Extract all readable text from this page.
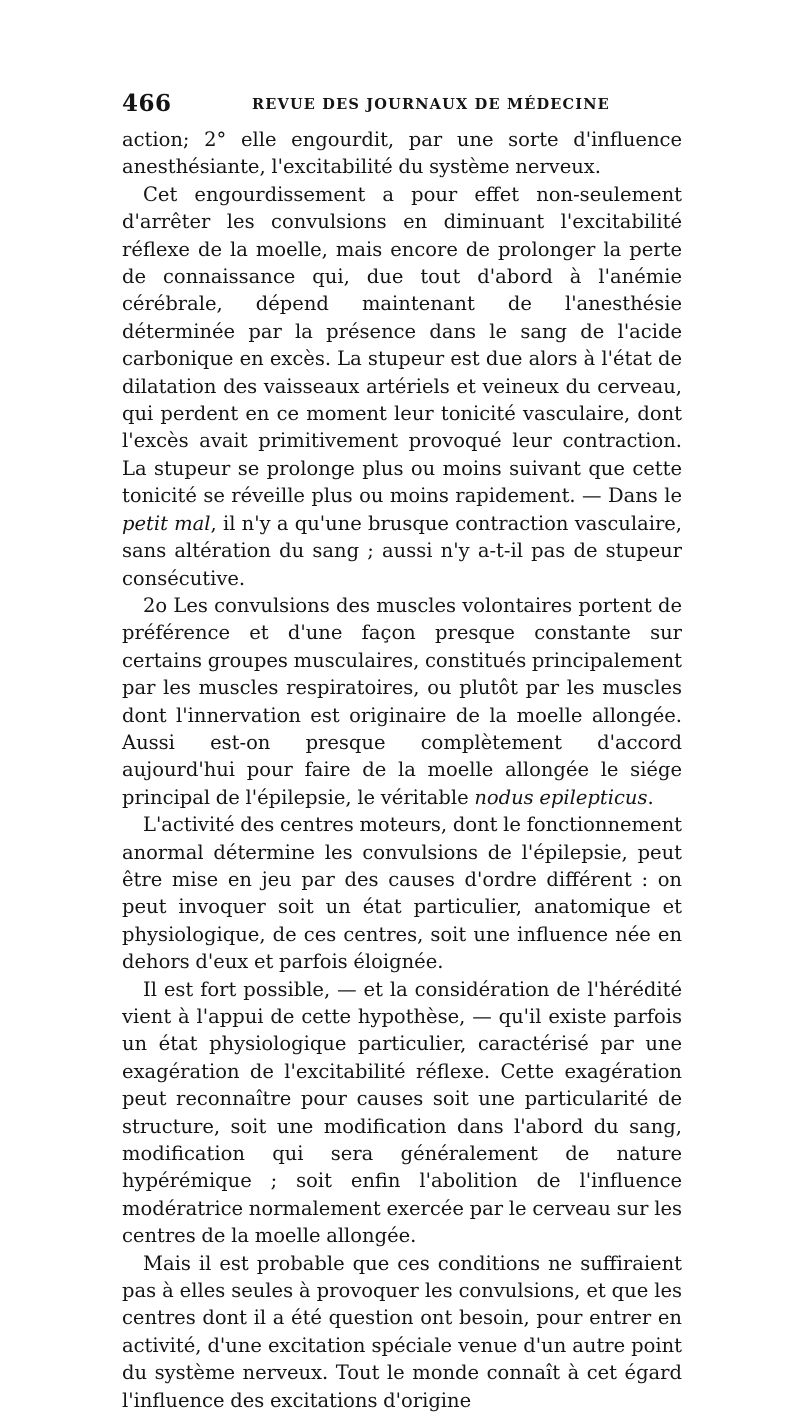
466	REVUE DES JOURNAUX DE MÉDECINE

action; 2° elle engourdit, par une sorte d'influence anesthésiante, l'excitabilité du système nerveux.

Cet engourdissement a pour effet non-seulement d'arrêter les convulsions en diminuant l'excitabilité réflexe de la moelle, mais encore de prolonger la perte de connaissance qui, due tout d'abord à l'anémie cérébrale, dépend maintenant de l'anesthésie déterminée par la présence dans le sang de l'acide carbonique en excès. La stupeur est due alors à l'état de dilatation des vaisseaux artériels et veineux du cerveau, qui perdent en ce moment leur tonicité vasculaire, dont l'excès avait primitivement provoqué leur contraction. La stupeur se prolonge plus ou moins suivant que cette tonicité se réveille plus ou moins rapidement. — Dans le petit mal, il n'y a qu'une brusque contraction vasculaire, sans altération du sang ; aussi n'y a-t-il pas de stupeur consécutive.

2o Les convulsions des muscles volontaires portent de préférence et d'une façon presque constante sur certains groupes musculaires, constitués principalement par les muscles respiratoires, ou plutôt par les muscles dont l'innervation est originaire de la moelle allongée. Aussi est-on presque complètement d'accord aujourd'hui pour faire de la moelle allongée le siége principal de l'épilepsie, le véritable nodus epilepticus.

L'activité des centres moteurs, dont le fonctionnement anormal détermine les convulsions de l'épilepsie, peut être mise en jeu par des causes d'ordre différent : on peut invoquer soit un état particulier, anatomique et physiologique, de ces centres, soit une influence née en dehors d'eux et parfois éloignée.

Il est fort possible, — et la considération de l'hérédité vient à l'appui de cette hypothèse, — qu'il existe parfois un état physiologique particulier, caractérisé par une exagération de l'excitabilité réflexe. Cette exagération peut reconnaître pour causes soit une particularité de structure, soit une modification dans l'abord du sang, modification qui sera généralement de nature hypérémique ; soit enfin l'abolition de l'influence modératrice normalement exercée par le cerveau sur les centres de la moelle allongée.

Mais il est probable que ces conditions ne suffiraient pas à elles seules à provoquer les convulsions, et que les centres dont il a été question ont besoin, pour entrer en activité, d'une excitation spéciale venue d'un autre point du système nerveux. Tout le monde connaît à cet égard l'influence des excitations d'origine
